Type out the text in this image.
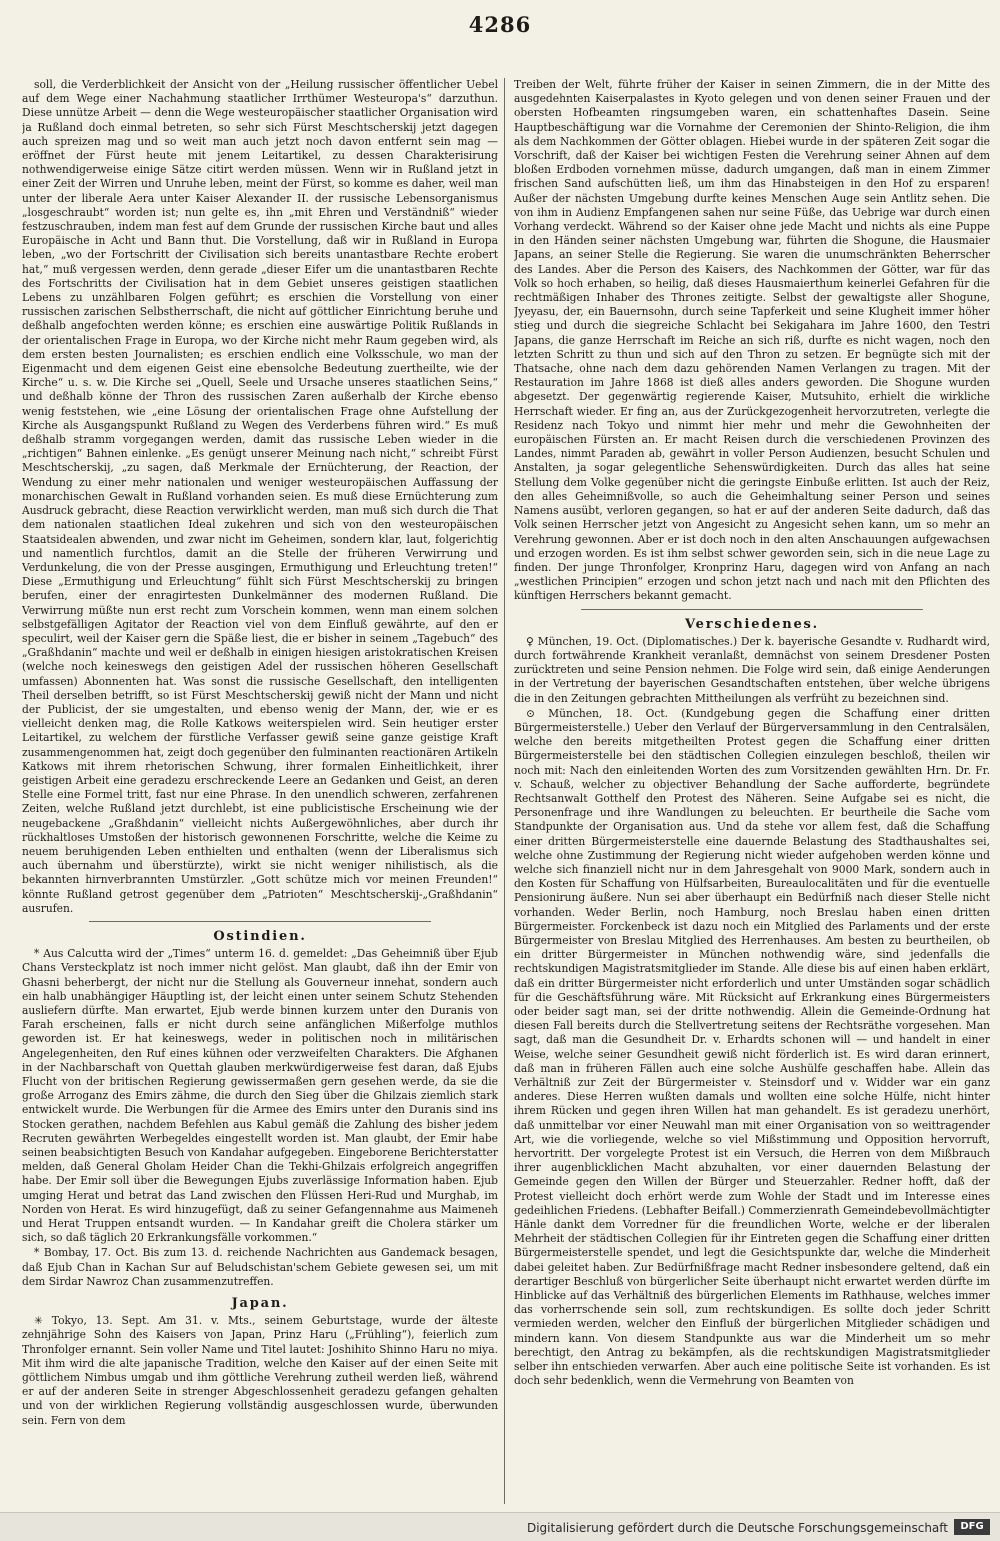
4286

soll, die Verderblichkeit der Ansicht von der „Heilung russischer öffentlicher Uebel auf dem Wege einer Nachahmung staatlicher Irrthümer Westeuropa's“ darzuthun. Diese unnütze Arbeit — denn die Wege westeuropäischer staatlicher Organisation wird ja Rußland doch einmal betreten, so sehr sich Fürst Meschtscherskij jetzt dagegen auch spreizen mag und so weit man auch jetzt noch davon entfernt sein mag — eröffnet der Fürst heute mit jenem Leitartikel, zu dessen Charakterisirung nothwendigerweise einige Sätze citirt werden müssen. Wenn wir in Rußland jetzt in einer Zeit der Wirren und Unruhe leben, meint der Fürst, so komme es daher, weil man unter der liberale Aera unter Kaiser Alexander II. der russische Lebensorganismus „losgeschraubt“ worden ist; nun gelte es, ihn „mit Ehren und Verständniß“ wieder festzuschrauben, indem man fest auf dem Grunde der russischen Kirche baut und alles Europäische in Acht und Bann thut. Die Vorstellung, daß wir in Rußland in Europa leben, „wo der Fortschritt der Civilisation sich bereits unantastbare Rechte erobert hat,“ muß vergessen werden, denn gerade „dieser Eifer um die unantastbaren Rechte des Fortschritts der Civilisation hat in dem Gebiet unseres geistigen staatlichen Lebens zu unzählbaren Folgen geführt; es erschien die Vorstellung von einer russischen zarischen Selbstherrschaft, die nicht auf göttlicher Einrichtung beruhe und deßhalb angefochten werden könne; es erschien eine auswärtige Politik Rußlands in der orientalischen Frage in Europa, wo der Kirche nicht mehr Raum gegeben wird, als dem ersten besten Journalisten; es erschien endlich eine Volksschule, wo man der Eigenmacht und dem eigenen Geist eine ebensolche Bedeutung zuertheilte, wie der Kirche“ u. s. w. Die Kirche sei „Quell, Seele und Ursache unseres staatlichen Seins,“ und deßhalb könne der Thron des russischen Zaren außerhalb der Kirche ebenso wenig feststehen, wie „eine Lösung der orientalischen Frage ohne Aufstellung der Kirche als Ausgangspunkt Rußland zu Wegen des Verderbens führen wird.“ Es muß deßhalb stramm vorgegangen werden, damit das russische Leben wieder in die „richtigen“ Bahnen einlenke. „Es genügt unserer Meinung nach nicht,“ schreibt Fürst Meschtscherskij, „zu sagen, daß Merkmale der Ernüchterung, der Reaction, der Wendung zu einer mehr nationalen und weniger westeuropäischen Auffassung der monarchischen Gewalt in Rußland vorhanden seien. Es muß diese Ernüchterung zum Ausdruck gebracht, diese Reaction verwirklicht werden, man muß sich durch die That dem nationalen staatlichen Ideal zukehren und sich von den westeuropäischen Staatsidealen abwenden, und zwar nicht im Geheimen, sondern klar, laut, folgerichtig und namentlich furchtlos, damit an die Stelle der früheren Verwirrung und Verdunkelung, die von der Presse ausgingen, Ermuthigung und Erleuchtung treten!“ Diese „Ermuthigung und Erleuchtung“ fühlt sich Fürst Meschtscherskij zu bringen berufen, einer der enragirtesten Dunkelmänner des modernen Rußland. Die Verwirrung müßte nun erst recht zum Vorschein kommen, wenn man einem solchen selbstgefälligen Agitator der Reaction viel von dem Einfluß gewährte, auf den er speculirt, weil der Kaiser gern die Späße liest, die er bisher in seinem „Tagebuch“ des „Graßhdanin“ machte und weil er deßhalb in einigen hiesigen aristokratischen Kreisen (welche noch keineswegs den geistigen Adel der russischen höheren Gesellschaft umfassen) Abonnenten hat. Was sonst die russische Gesellschaft, den intelligenten Theil derselben betrifft, so ist Fürst Meschtscherskij gewiß nicht der Mann und nicht der Publicist, der sie umgestalten, und ebenso wenig der Mann, der, wie er es vielleicht denken mag, die Rolle Katkows weiterspielen wird. Sein heutiger erster Leitartikel, zu welchem der fürstliche Verfasser gewiß seine ganze geistige Kraft zusammengenommen hat, zeigt doch gegenüber den fulminanten reactionären Artikeln Katkows mit ihrem rhetorischen Schwung, ihrer formalen Einheitlichkeit, ihrer geistigen Arbeit eine geradezu erschreckende Leere an Gedanken und Geist, an deren Stelle eine Formel tritt, fast nur eine Phrase. In den unendlich schweren, zerfahrenen Zeiten, welche Rußland jetzt durchlebt, ist eine publicistische Erscheinung wie der neugebackene „Graßhdanin“ vielleicht nichts Außergewöhnliches, aber durch ihr rückhaltloses Umstoßen der historisch gewonnenen Forschritte, welche die Keime zu neuem beruhigenden Leben enthielten und enthalten (wenn der Liberalismus sich auch übernahm und überstürzte), wirkt sie nicht weniger nihilistisch, als die bekannten hirnverbrannten Umstürzler. „Gott schütze mich vor meinen Freunden!“ könnte Rußland getrost gegenüber dem „Patrioten“ Meschtscherskij-„Graßhdanin“ ausrufen.

Ostindien.

* Aus Calcutta wird der „Times“ unterm 16. d. gemeldet: „Das Geheimniß über Ejub Chans Versteckplatz ist noch immer nicht gelöst. Man glaubt, daß ihn der Emir von Ghasni beherbergt, der nicht nur die Stellung als Gouverneur innehat, sondern auch ein halb unabhängiger Häuptling ist, der leicht einen unter seinem Schutz Stehenden ausliefern dürfte. Man erwartet, Ejub werde binnen kurzem unter den Duranis von Farah erscheinen, falls er nicht durch seine anfänglichen Mißerfolge muthlos geworden ist. Er hat keineswegs, weder in politischen noch in militärischen Angelegenheiten, den Ruf eines kühnen oder verzweifelten Charakters. Die Afghanen in der Nachbarschaft von Quettah glauben merkwürdigerweise fest daran, daß Ejubs Flucht von der britischen Regierung gewissermaßen gern gesehen werde, da sie die große Arroganz des Emirs zähme, die durch den Sieg über die Ghilzais ziemlich stark entwickelt wurde. Die Werbungen für die Armee des Emirs unter den Duranis sind ins Stocken gerathen, nachdem Befehlen aus Kabul gemäß die Zahlung des bisher jedem Recruten gewährten Werbegeldes eingestellt worden ist. Man glaubt, der Emir habe seinen beabsichtigten Besuch von Kandahar aufgegeben. Eingeborene Berichterstatter melden, daß General Gholam Heider Chan die Tekhi-Ghilzais erfolgreich angegriffen habe. Der Emir soll über die Bewegungen Ejubs zuverlässige Information haben. Ejub umging Herat und betrat das Land zwischen den Flüssen Heri-Rud und Murghab, im Norden von Herat. Es wird hinzugefügt, daß zu seiner Gefangennahme aus Maimeneh und Herat Truppen entsandt wurden. — In Kandahar greift die Cholera stärker um sich, so daß täglich 20 Erkrankungsfälle vorkommen.“

* Bombay, 17. Oct. Bis zum 13. d. reichende Nachrichten aus Gandemack besagen, daß Ejub Chan in Kachan Sur auf Beludschistan'schem Gebiete gewesen sei, um mit dem Sirdar Nawroz Chan zusammenzutreffen.

Japan.

✳ Tokyo, 13. Sept. Am 31. v. Mts., seinem Geburtstage, wurde der älteste zehnjährige Sohn des Kaisers von Japan, Prinz Haru („Frühling“), feierlich zum Thronfolger ernannt. Sein voller Name und Titel lautet: Joshihito Shinno Haru no miya. Mit ihm wird die alte japanische Tradition, welche den Kaiser auf der einen Seite mit göttlichem Nimbus umgab und ihm göttliche Verehrung zutheil werden ließ, während er auf der anderen Seite in strenger Abgeschlossenheit geradezu gefangen gehalten und von der wirklichen Regierung vollständig ausgeschlossen wurde, überwunden sein. Fern von dem

Treiben der Welt, führte früher der Kaiser in seinen Zimmern, die in der Mitte des ausgedehnten Kaiserpalastes in Kyoto gelegen und von denen seiner Frauen und der obersten Hofbeamten ringsumgeben waren, ein schattenhaftes Dasein. Seine Hauptbeschäftigung war die Vornahme der Ceremonien der Shinto-Religion, die ihm als dem Nachkommen der Götter oblagen. Hiebei wurde in der späteren Zeit sogar die Vorschrift, daß der Kaiser bei wichtigen Festen die Verehrung seiner Ahnen auf dem bloßen Erdboden vornehmen müsse, dadurch umgangen, daß man in einem Zimmer frischen Sand aufschütten ließ, um ihm das Hinabsteigen in den Hof zu ersparen! Außer der nächsten Umgebung durfte keines Menschen Auge sein Antlitz sehen. Die von ihm in Audienz Empfangenen sahen nur seine Füße, das Uebrige war durch einen Vorhang verdeckt. Während so der Kaiser ohne jede Macht und nichts als eine Puppe in den Händen seiner nächsten Umgebung war, führten die Shogune, die Hausmaier Japans, an seiner Stelle die Regierung. Sie waren die unumschränkten Beherrscher des Landes. Aber die Person des Kaisers, des Nachkommen der Götter, war für das Volk so hoch erhaben, so heilig, daß dieses Hausmaierthum keinerlei Gefahren für die rechtmäßigen Inhaber des Thrones zeitigte. Selbst der gewaltigste aller Shogune, Jyeyasu, der, ein Bauernsohn, durch seine Tapferkeit und seine Klugheit immer höher stieg und durch die siegreiche Schlacht bei Sekigahara im Jahre 1600, den Testri Japans, die ganze Herrschaft im Reiche an sich riß, durfte es nicht wagen, noch den letzten Schritt zu thun und sich auf den Thron zu setzen. Er begnügte sich mit der Thatsache, ohne nach dem dazu gehörenden Namen Verlangen zu tragen. Mit der Restauration im Jahre 1868 ist dieß alles anders geworden. Die Shogune wurden abgesetzt. Der gegenwärtig regierende Kaiser, Mutsuhito, erhielt die wirkliche Herrschaft wieder. Er fing an, aus der Zurückgezogenheit hervorzutreten, verlegte die Residenz nach Tokyo und nimmt hier mehr und mehr die Gewohnheiten der europäischen Fürsten an. Er macht Reisen durch die verschiedenen Provinzen des Landes, nimmt Paraden ab, gewährt in voller Person Audienzen, besucht Schulen und Anstalten, ja sogar gelegentliche Sehenswürdigkeiten. Durch das alles hat seine Stellung dem Volke gegenüber nicht die geringste Einbuße erlitten. Ist auch der Reiz, den alles Geheimnißvolle, so auch die Geheimhaltung seiner Person und seines Namens ausübt, verloren gegangen, so hat er auf der anderen Seite dadurch, daß das Volk seinen Herrscher jetzt von Angesicht zu Angesicht sehen kann, um so mehr an Verehrung gewonnen. Aber er ist doch noch in den alten Anschauungen aufgewachsen und erzogen worden. Es ist ihm selbst schwer geworden sein, sich in die neue Lage zu finden. Der junge Thronfolger, Kronprinz Haru, dagegen wird von Anfang an nach „westlichen Principien“ erzogen und schon jetzt nach und nach mit den Pflichten des künftigen Herrschers bekannt gemacht.

Verschiedenes.

♀ München, 19. Oct. (Diplomatisches.) Der k. bayerische Gesandte v. Rudhardt wird, durch fortwährende Krankheit veranlaßt, demnächst von seinem Dresdener Posten zurücktreten und seine Pension nehmen. Die Folge wird sein, daß einige Aenderungen in der Vertretung der bayerischen Gesandtschaften entstehen, über welche übrigens die in den Zeitungen gebrachten Mittheilungen als verfrüht zu bezeichnen sind.

⊙ München, 18. Oct. (Kundgebung gegen die Schaffung einer dritten Bürgermeisterstelle.) Ueber den Verlauf der Bürgerversammlung in den Centralsälen, welche den bereits mitgetheilten Protest gegen die Schaffung einer dritten Bürgermeisterstelle bei den städtischen Collegien einzulegen beschloß, theilen wir noch mit: Nach den einleitenden Worten des zum Vorsitzenden gewählten Hrn. Dr. Fr. v. Schauß, welcher zu objectiver Behandlung der Sache aufforderte, begründete Rechtsanwalt Gotthelf den Protest des Näheren. Seine Aufgabe sei es nicht, die Personenfrage und ihre Wandlungen zu beleuchten. Er beurtheile die Sache vom Standpunkte der Organisation aus. Und da stehe vor allem fest, daß die Schaffung einer dritten Bürgermeisterstelle eine dauernde Belastung des Stadthaushaltes sei, welche ohne Zustimmung der Regierung nicht wieder aufgehoben werden könne und welche sich finanziell nicht nur in dem Jahresgehalt von 9000 Mark, sondern auch in den Kosten für Schaffung von Hülfsarbeiten, Bureaulocalitäten und für die eventuelle Pensionirung äußere. Nun sei aber überhaupt ein Bedürfniß nach dieser Stelle nicht vorhanden. Weder Berlin, noch Hamburg, noch Breslau haben einen dritten Bürgermeister. Forckenbeck ist dazu noch ein Mitglied des Parlaments und der erste Bürgermeister von Breslau Mitglied des Herrenhauses. Am besten zu beurtheilen, ob ein dritter Bürgermeister in München nothwendig wäre, sind jedenfalls die rechtskundigen Magistratsmitglieder im Stande. Alle diese bis auf einen haben erklärt, daß ein dritter Bürgermeister nicht erforderlich und unter Umständen sogar schädlich für die Geschäftsführung wäre. Mit Rücksicht auf Erkrankung eines Bürgermeisters oder beider sagt man, sei der dritte nothwendig. Allein die Gemeinde-Ordnung hat diesen Fall bereits durch die Stellvertretung seitens der Rechtsräthe vorgesehen. Man sagt, daß man die Gesundheit Dr. v. Erhardts schonen will — und handelt in einer Weise, welche seiner Gesundheit gewiß nicht förderlich ist. Es wird daran erinnert, daß man in früheren Fällen auch eine solche Aushülfe geschaffen habe. Allein das Verhältniß zur Zeit der Bürgermeister v. Steinsdorf und v. Widder war ein ganz anderes. Diese Herren wußten damals und wollten eine solche Hülfe, nicht hinter ihrem Rücken und gegen ihren Willen hat man gehandelt. Es ist geradezu unerhört, daß unmittelbar vor einer Neuwahl man mit einer Organisation von so weittragender Art, wie die vorliegende, welche so viel Mißstimmung und Opposition hervorruft, hervortritt. Der vorgelegte Protest ist ein Versuch, die Herren von dem Mißbrauch ihrer augenblicklichen Macht abzuhalten, vor einer dauernden Belastung der Gemeinde gegen den Willen der Bürger und Steuerzahler. Redner hofft, daß der Protest vielleicht doch erhört werde zum Wohle der Stadt und im Interesse eines gedeihlichen Friedens. (Lebhafter Beifall.) Commerzienrath Gemeindebevollmächtigter Hänle dankt dem Vorredner für die freundlichen Worte, welche er der liberalen Mehrheit der städtischen Collegien für ihr Eintreten gegen die Schaffung einer dritten Bürgermeisterstelle spendet, und legt die Gesichtspunkte dar, welche die Minderheit dabei geleitet haben. Zur Bedürfnißfrage macht Redner insbesondere geltend, daß ein derartiger Beschluß von bürgerlicher Seite überhaupt nicht erwartet werden dürfte im Hinblicke auf das Verhältniß des bürgerlichen Elements im Rathhause, welches immer das vorherrschende sein soll, zum rechtskundigen. Es sollte doch jeder Schritt vermieden werden, welcher den Einfluß der bürgerlichen Mitglieder schädigen und mindern kann. Von diesem Standpunkte aus war die Minderheit um so mehr berechtigt, den Antrag zu bekämpfen, als die rechtskundigen Magistratsmitglieder selber ihn entschieden verwarfen. Aber auch eine politische Seite ist vorhanden. Es ist doch sehr bedenklich, wenn die Vermehrung von Beamten von

Digitalisierung gefördert durch die Deutsche Forschungsgemeinschaft	DFG
